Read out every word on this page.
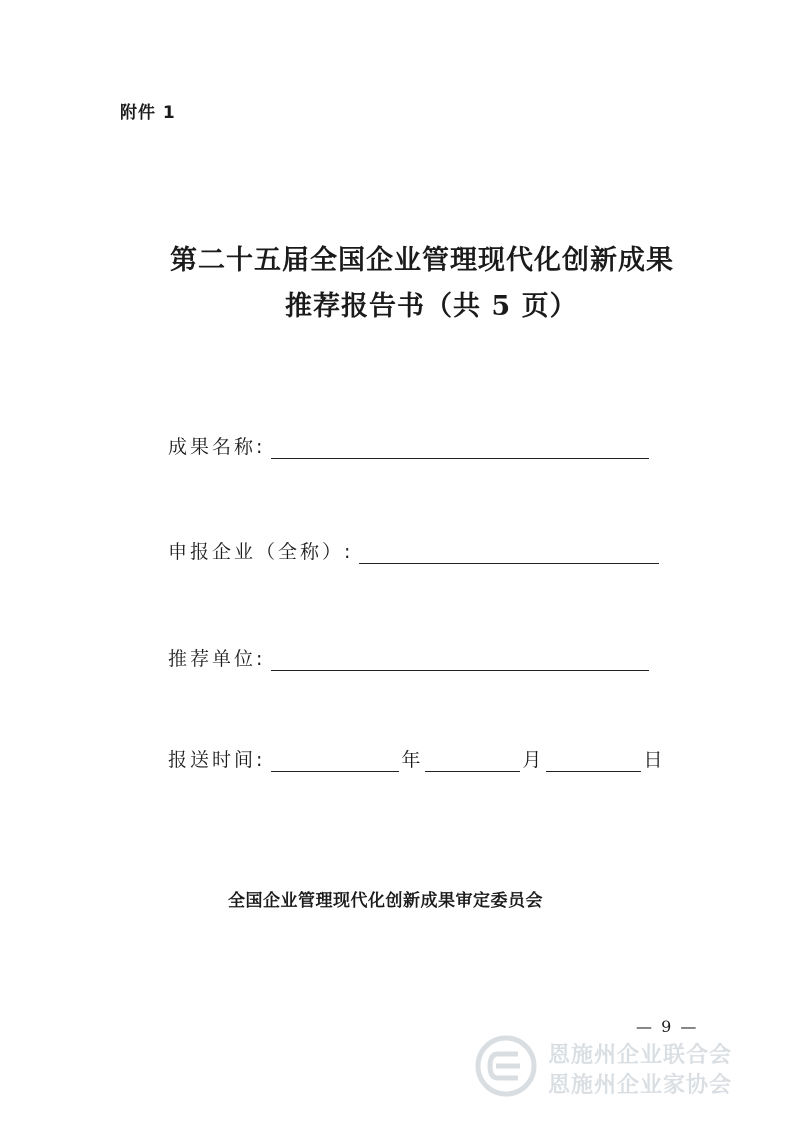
附件 1
第二十五届全国企业管理现代化创新成果
推荐报告书（共 5 页）
成果名称:
申报企业（全称）:
推荐单位:
报送时间:	年	月	日
全国企业管理现代化创新成果审定委员会
— 9 —
恩施州企业联合会
恩施州企业家协会
